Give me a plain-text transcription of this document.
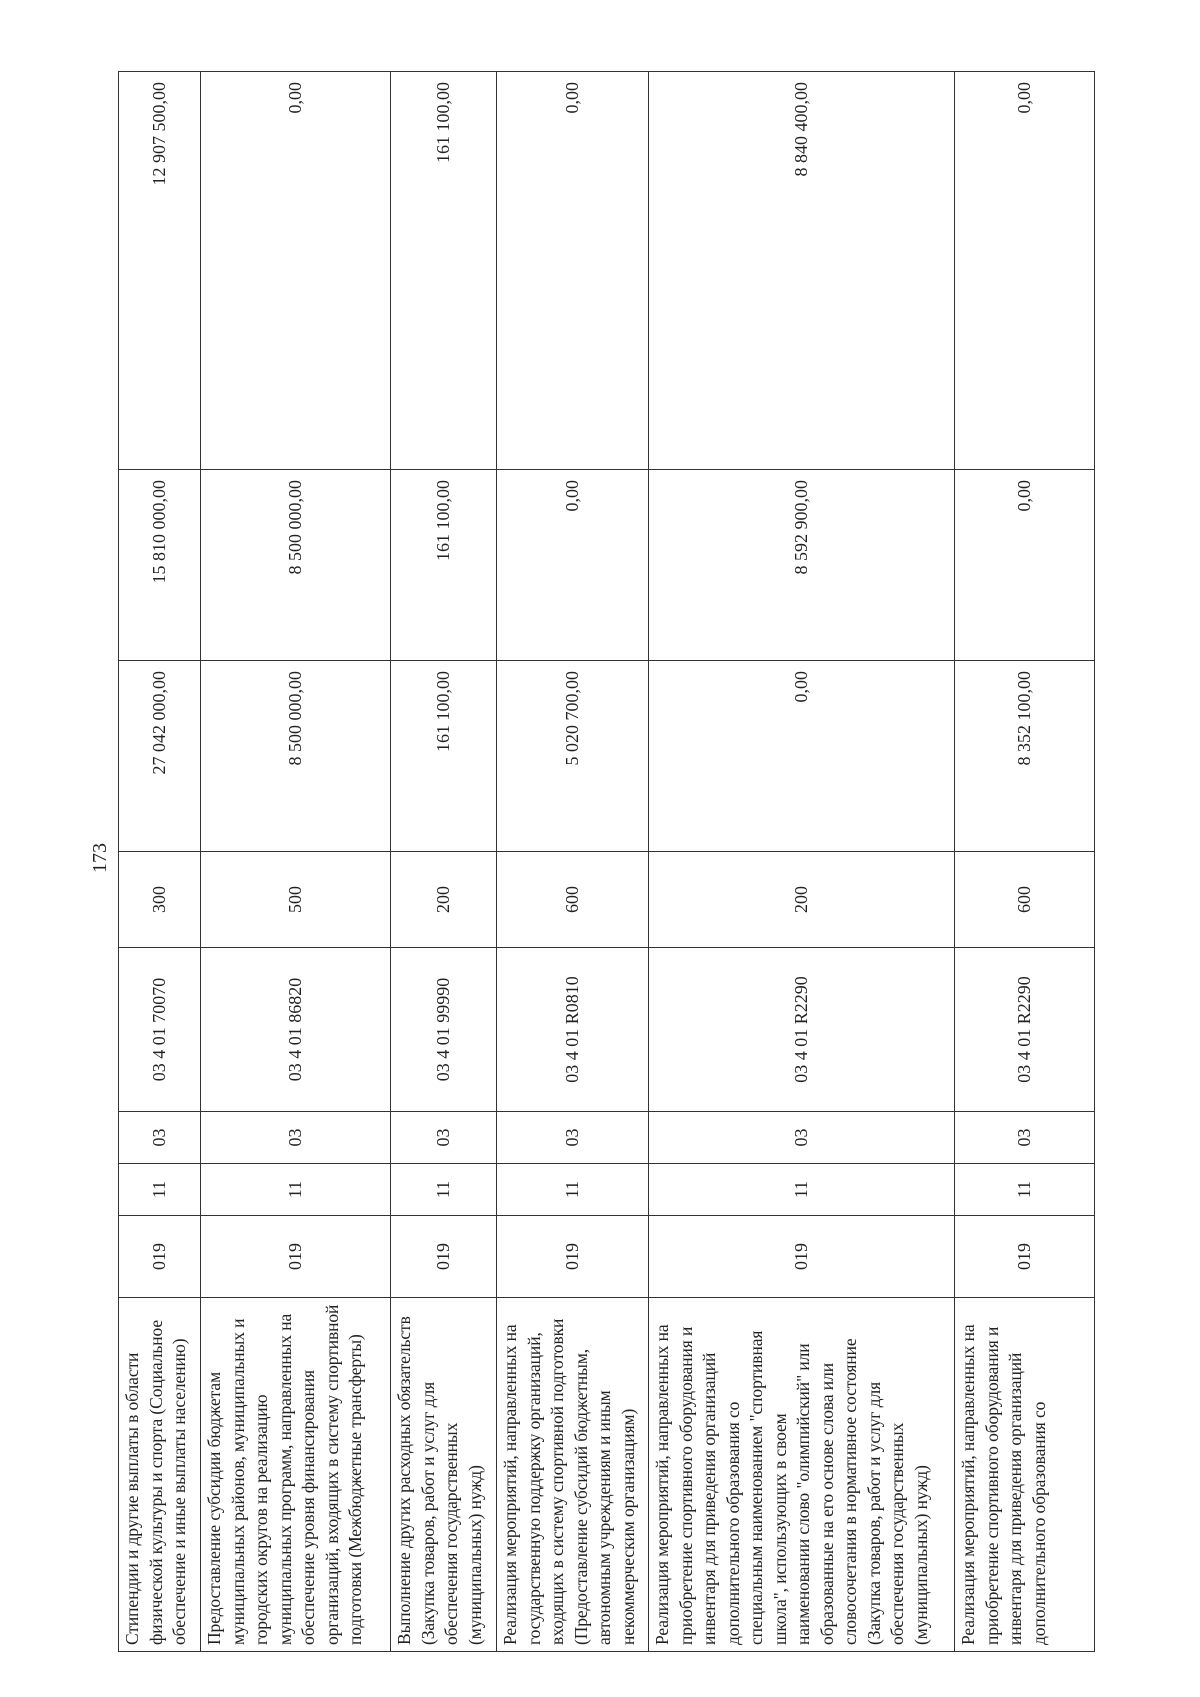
173
Стипендии и другие выплаты в области физической культуры и спорта (Социальное обеспечение и иные выплаты населению)	019	11	03	03 4 01 70070	300	27 042 000,00	15 810 000,00	12 907 500,00
Предоставление субсидии бюджетам муниципальных районов, муниципальных и городских округов на реализацию муниципальных программ, направленных на обеспечение уровня финансирования организаций, входящих в систему спортивной подготовки (Межбюджетные трансферты)	019	11	03	03 4 01 86820	500	8 500 000,00	8 500 000,00	0,00
Выполнение других расходных обязательств (Закупка товаров, работ и услуг для обеспечения государственных (муниципальных) нужд)	019	11	03	03 4 01 99990	200	161 100,00	161 100,00	161 100,00
Реализация мероприятий, направленных на государственную поддержку организаций, входящих в систему спортивной подготовки (Предоставление субсидий бюджетным, автономным учреждениям и иным некоммерческим организациям)	019	11	03	03 4 01 R0810	600	5 020 700,00	0,00	0,00
Реализация мероприятий, направленных на приобретение спортивного оборудования и инвентаря для приведения организаций дополнительного образования со специальным наименованием "спортивная школа", использующих в своем наименовании слово "олимпийский" или образованные на его основе слова или словосочетания в нормативное состояние (Закупка товаров, работ и услуг для обеспечения государственных (муниципальных) нужд)	019	11	03	03 4 01 R2290	200	0,00	8 592 900,00	8 840 400,00
Реализация мероприятий, направленных на приобретение спортивного оборудования и инвентаря для приведения организаций дополнительного образования со	019	11	03	03 4 01 R2290	600	8 352 100,00	0,00	0,00
